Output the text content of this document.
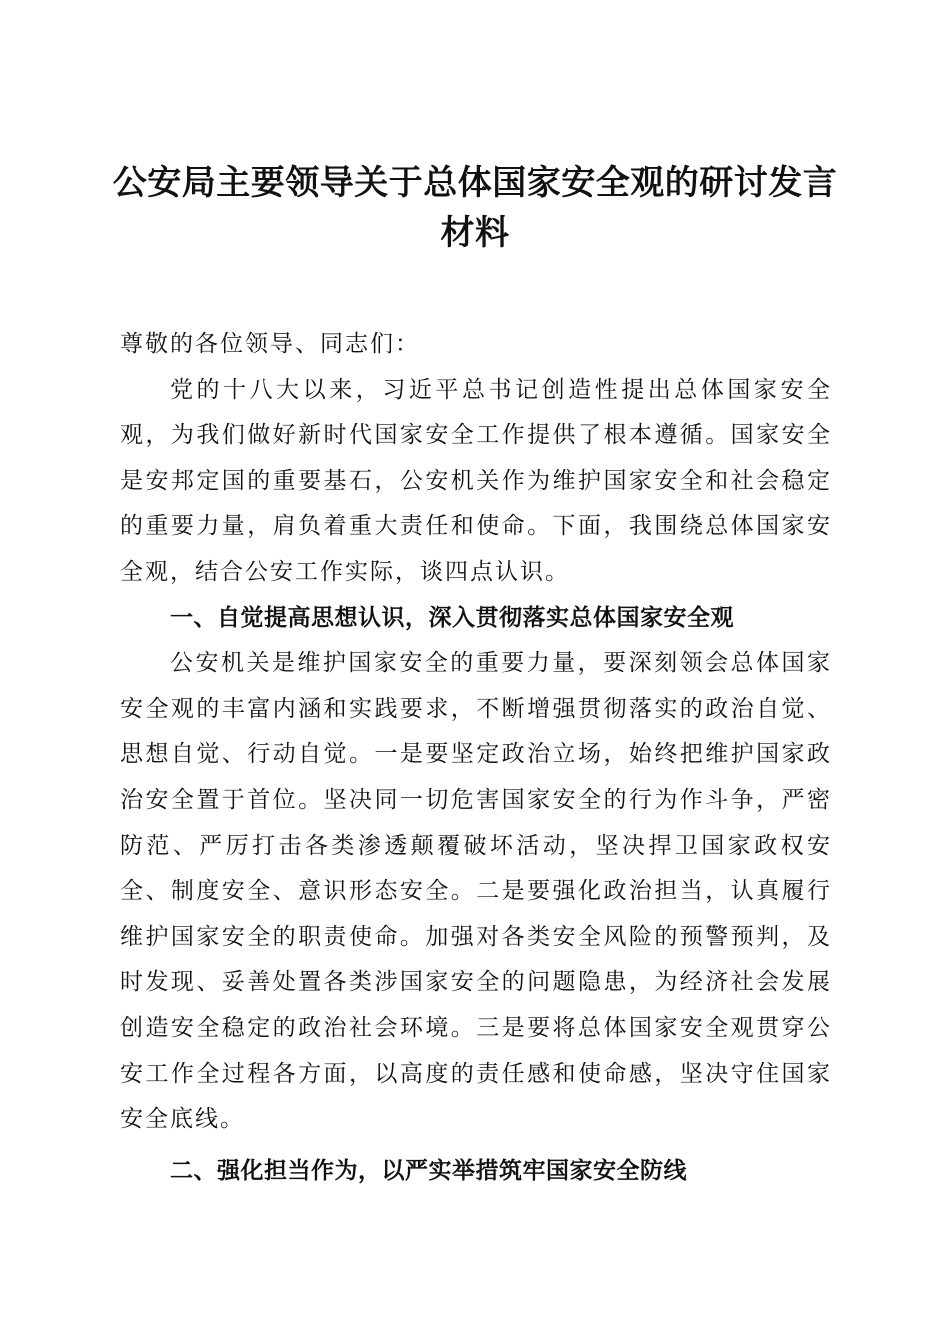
公安局主要领导关于总体国家安全观的研讨发言材料

尊敬的各位领导、同志们：

党的十八大以来，习近平总书记创造性提出总体国家安全观，为我们做好新时代国家安全工作提供了根本遵循。国家安全是安邦定国的重要基石，公安机关作为维护国家安全和社会稳定的重要力量，肩负着重大责任和使命。下面，我围绕总体国家安全观，结合公安工作实际，谈四点认识。

一、自觉提高思想认识，深入贯彻落实总体国家安全观

公安机关是维护国家安全的重要力量，要深刻领会总体国家安全观的丰富内涵和实践要求，不断增强贯彻落实的政治自觉、思想自觉、行动自觉。一是要坚定政治立场，始终把维护国家政治安全置于首位。坚决同一切危害国家安全的行为作斗争，严密防范、严厉打击各类渗透颠覆破坏活动，坚决捍卫国家政权安全、制度安全、意识形态安全。二是要强化政治担当，认真履行维护国家安全的职责使命。加强对各类安全风险的预警预判，及时发现、妥善处置各类涉国家安全的问题隐患，为经济社会发展创造安全稳定的政治社会环境。三是要将总体国家安全观贯穿公安工作全过程各方面，以高度的责任感和使命感，坚决守住国家安全底线。

二、强化担当作为，以严实举措筑牢国家安全防线
